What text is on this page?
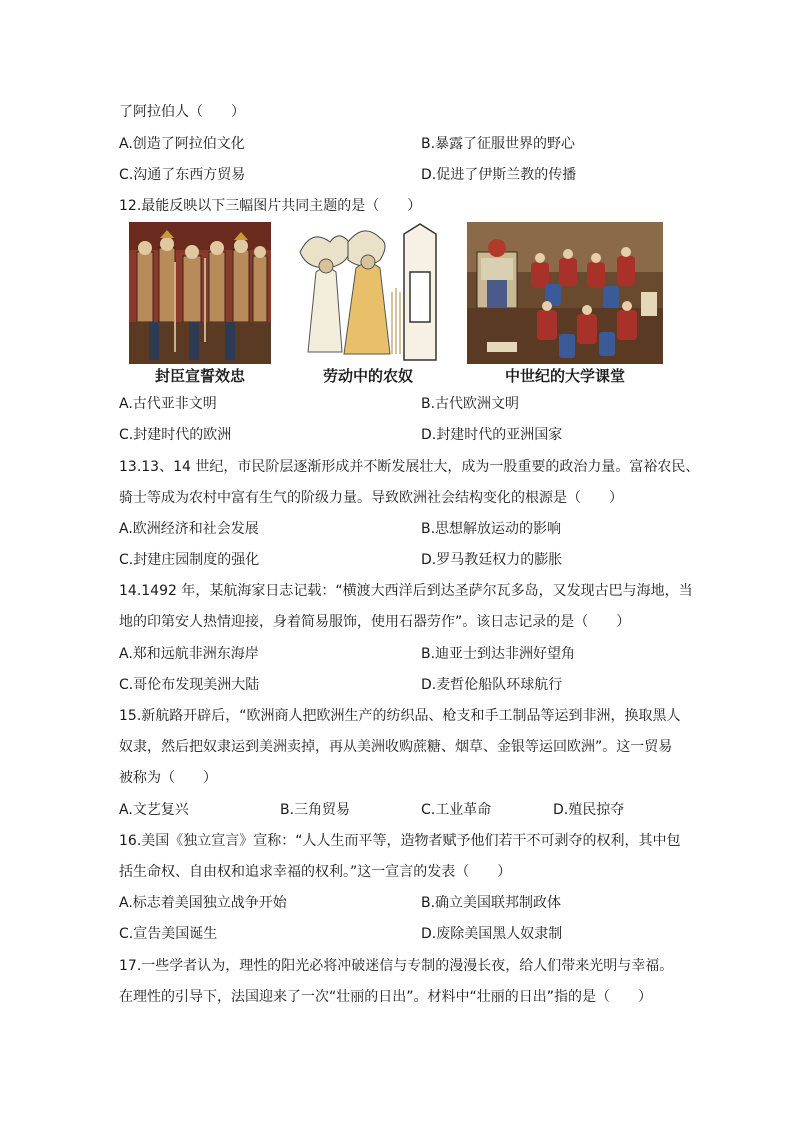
了阿拉伯人（　　）
A.创造了阿拉伯文化	B.暴露了征服世界的野心
C.沟通了东西方贸易	D.促进了伊斯兰教的传播
12.最能反映以下三幅图片共同主题的是（　　）
封臣宣誓效忠	劳动中的农奴	中世纪的大学课堂
A.古代亚非文明	B.古代欧洲文明
C.封建时代的欧洲	D.封建时代的亚洲国家
13.13、14 世纪，市民阶层逐渐形成并不断发展壮大，成为一股重要的政治力量。富裕农民、
骑士等成为农村中富有生气的阶级力量。导致欧洲社会结构变化的根源是（　　）
A.欧洲经济和社会发展	B.思想解放运动的影响
C.封建庄园制度的强化	D.罗马教廷权力的膨胀
14.1492 年，某航海家日志记载：“横渡大西洋后到达圣萨尔瓦多岛，又发现古巴与海地，当
地的印第安人热情迎接，身着简易服饰，使用石器劳作”。该日志记录的是（　　）
A.郑和远航非洲东海岸	B.迪亚士到达非洲好望角
C.哥伦布发现美洲大陆	D.麦哲伦船队环球航行
15.新航路开辟后，“欧洲商人把欧洲生产的纺织品、枪支和手工制品等运到非洲，换取黑人
奴隶，然后把奴隶运到美洲卖掉，再从美洲收购蔗糖、烟草、金银等运回欧洲”。这一贸易
被称为（　　）
A.文艺复兴	B.三角贸易	C.工业革命	D.殖民掠夺
16.美国《独立宣言》宣称：“人人生而平等，造物者赋予他们若干不可剥夺的权利，其中包
括生命权、自由权和追求幸福的权利。”这一宣言的发表（　　）
A.标志着美国独立战争开始	B.确立美国联邦制政体
C.宣告美国诞生	D.废除美国黑人奴隶制
17.一些学者认为，理性的阳光必将冲破迷信与专制的漫漫长夜，给人们带来光明与幸福。
在理性的引导下，法国迎来了一次“壮丽的日出”。材料中“壮丽的日出”指的是（　　）
